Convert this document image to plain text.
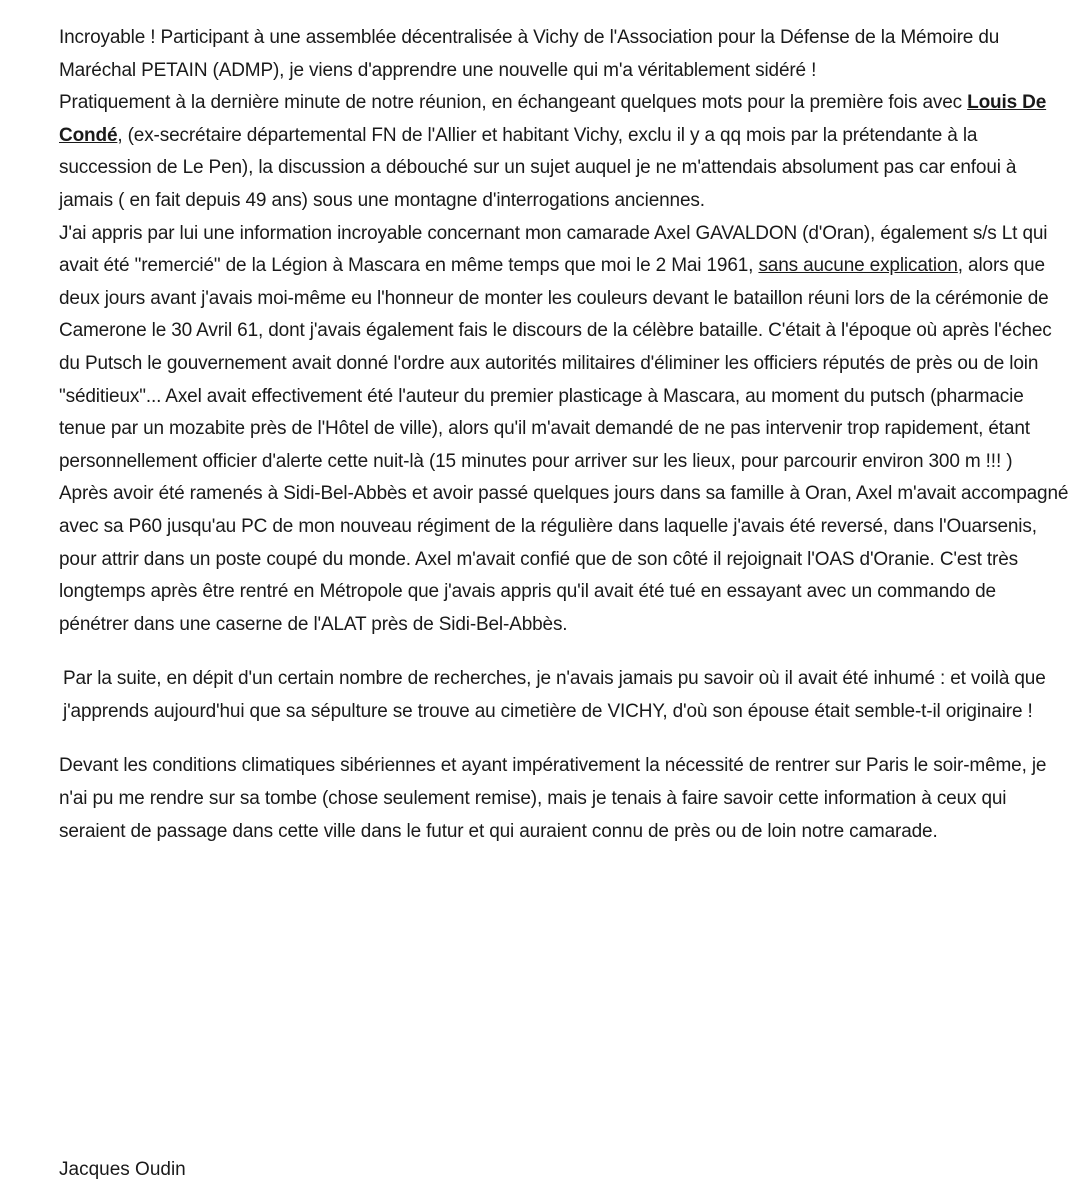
Incroyable ! Participant à une assemblée décentralisée à Vichy de l'Association pour la Défense de la Mémoire du Maréchal PETAIN (ADMP), je viens d'apprendre une nouvelle qui m'a véritablement sidéré !

Pratiquement à la dernière minute de notre réunion, en échangeant quelques mots pour la première fois avec Louis De Condé, (ex-secrétaire départemental FN de l'Allier et habitant Vichy, exclu il y a qq mois par la prétendante à la succession de Le Pen), la discussion a débouché sur un sujet auquel je ne m'attendais absolument pas car enfoui à jamais ( en fait depuis 49 ans) sous une montagne d'interrogations anciennes.

J'ai appris par lui une information incroyable concernant mon camarade Axel GAVALDON (d'Oran), également s/s Lt qui avait été "remercié" de la Légion à Mascara en même temps que moi le 2 Mai 1961, sans aucune explication, alors que deux jours avant j'avais moi-même eu l'honneur de monter les couleurs devant le bataillon réuni lors de la cérémonie de Camerone le 30 Avril 61, dont j'avais également fais le discours de la célèbre bataille. C'était à l'époque où après l'échec du Putsch le gouvernement avait donné l'ordre aux autorités militaires d'éliminer les officiers réputés de près ou de loin "séditieux"... Axel avait effectivement été l'auteur du premier plasticage à Mascara, au moment du putsch (pharmacie tenue par un mozabite près de l'Hôtel de ville), alors qu'il m'avait demandé de ne pas intervenir trop rapidement, étant personnellement officier d'alerte cette nuit-là (15 minutes pour arriver sur les lieux, pour parcourir environ 300 m !!! )

Après avoir été ramenés à Sidi-Bel-Abbès et avoir passé quelques jours dans sa famille à Oran, Axel m'avait accompagné avec sa P60 jusqu'au PC de mon nouveau régiment de la régulière dans laquelle j'avais été reversé, dans l'Ouarsenis, pour attrir dans un poste coupé du monde. Axel m'avait confié que de son côté il rejoignait l'OAS d'Oranie. C'est très longtemps après être rentré en Métropole que j'avais appris qu'il avait été tué en essayant avec un commando de pénétrer dans une caserne de l'ALAT près de Sidi-Bel-Abbès.

Par la suite, en dépit d'un certain nombre de recherches, je n'avais jamais pu savoir où il avait été inhumé : et voilà que j'apprends aujourd'hui que sa sépulture se trouve au cimetière de VICHY, d'où son épouse était semble-t-il originaire !

Devant les conditions climatiques sibériennes et ayant impérativement la nécessité de rentrer sur Paris le soir-même, je n'ai pu me rendre sur sa tombe (chose seulement remise), mais je tenais à faire savoir cette information à ceux qui seraient de passage dans cette ville dans le futur et qui auraient connu de près ou de loin notre camarade.

Jacques Oudin
